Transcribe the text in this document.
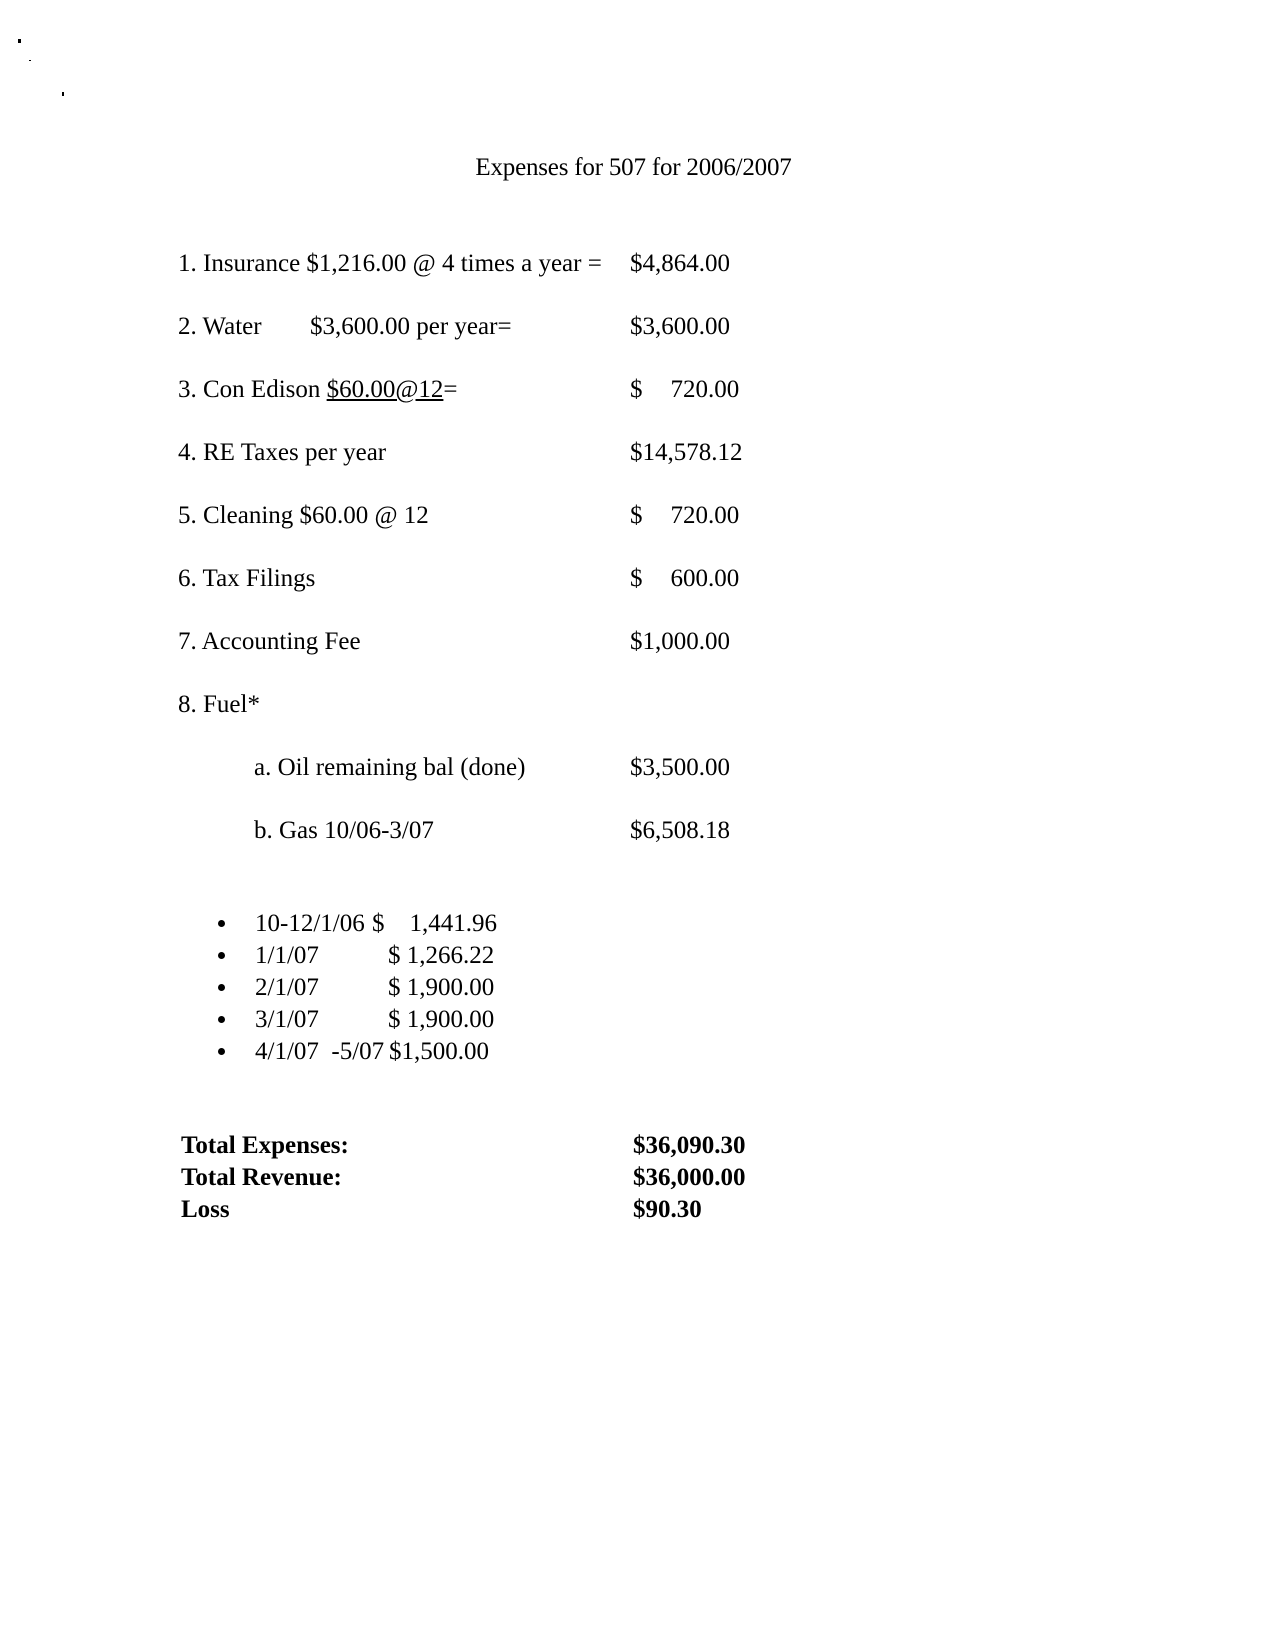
Expenses for 507 for 2006/2007
1. Insurance $1,216.00 @ 4 times a year = $4,864.00
2. Water $3,600.00 per year=	$3,600.00
3. Con Edison $60.00@12=	$ 720.00
4. RE Taxes per year	$14,578.12
5. Cleaning $60.00 @ 12	$ 720.00
6. Tax Filings	$ 600.00
7. Accounting Fee	$1,000.00
8. Fuel*
a. Oil remaining bal (done)	$3,500.00
b. Gas 10/06-3/07	$6,508.18
10-12/1/06 $    1,441.96
1/1/07	$ 1,266.22
2/1/07	$ 1,900.00
3/1/07	$ 1,900.00
4/1/07  -5/07 $1,500.00
Total Expenses:	$36,090.30
Total Revenue:	$36,000.00
Loss	$90.30
